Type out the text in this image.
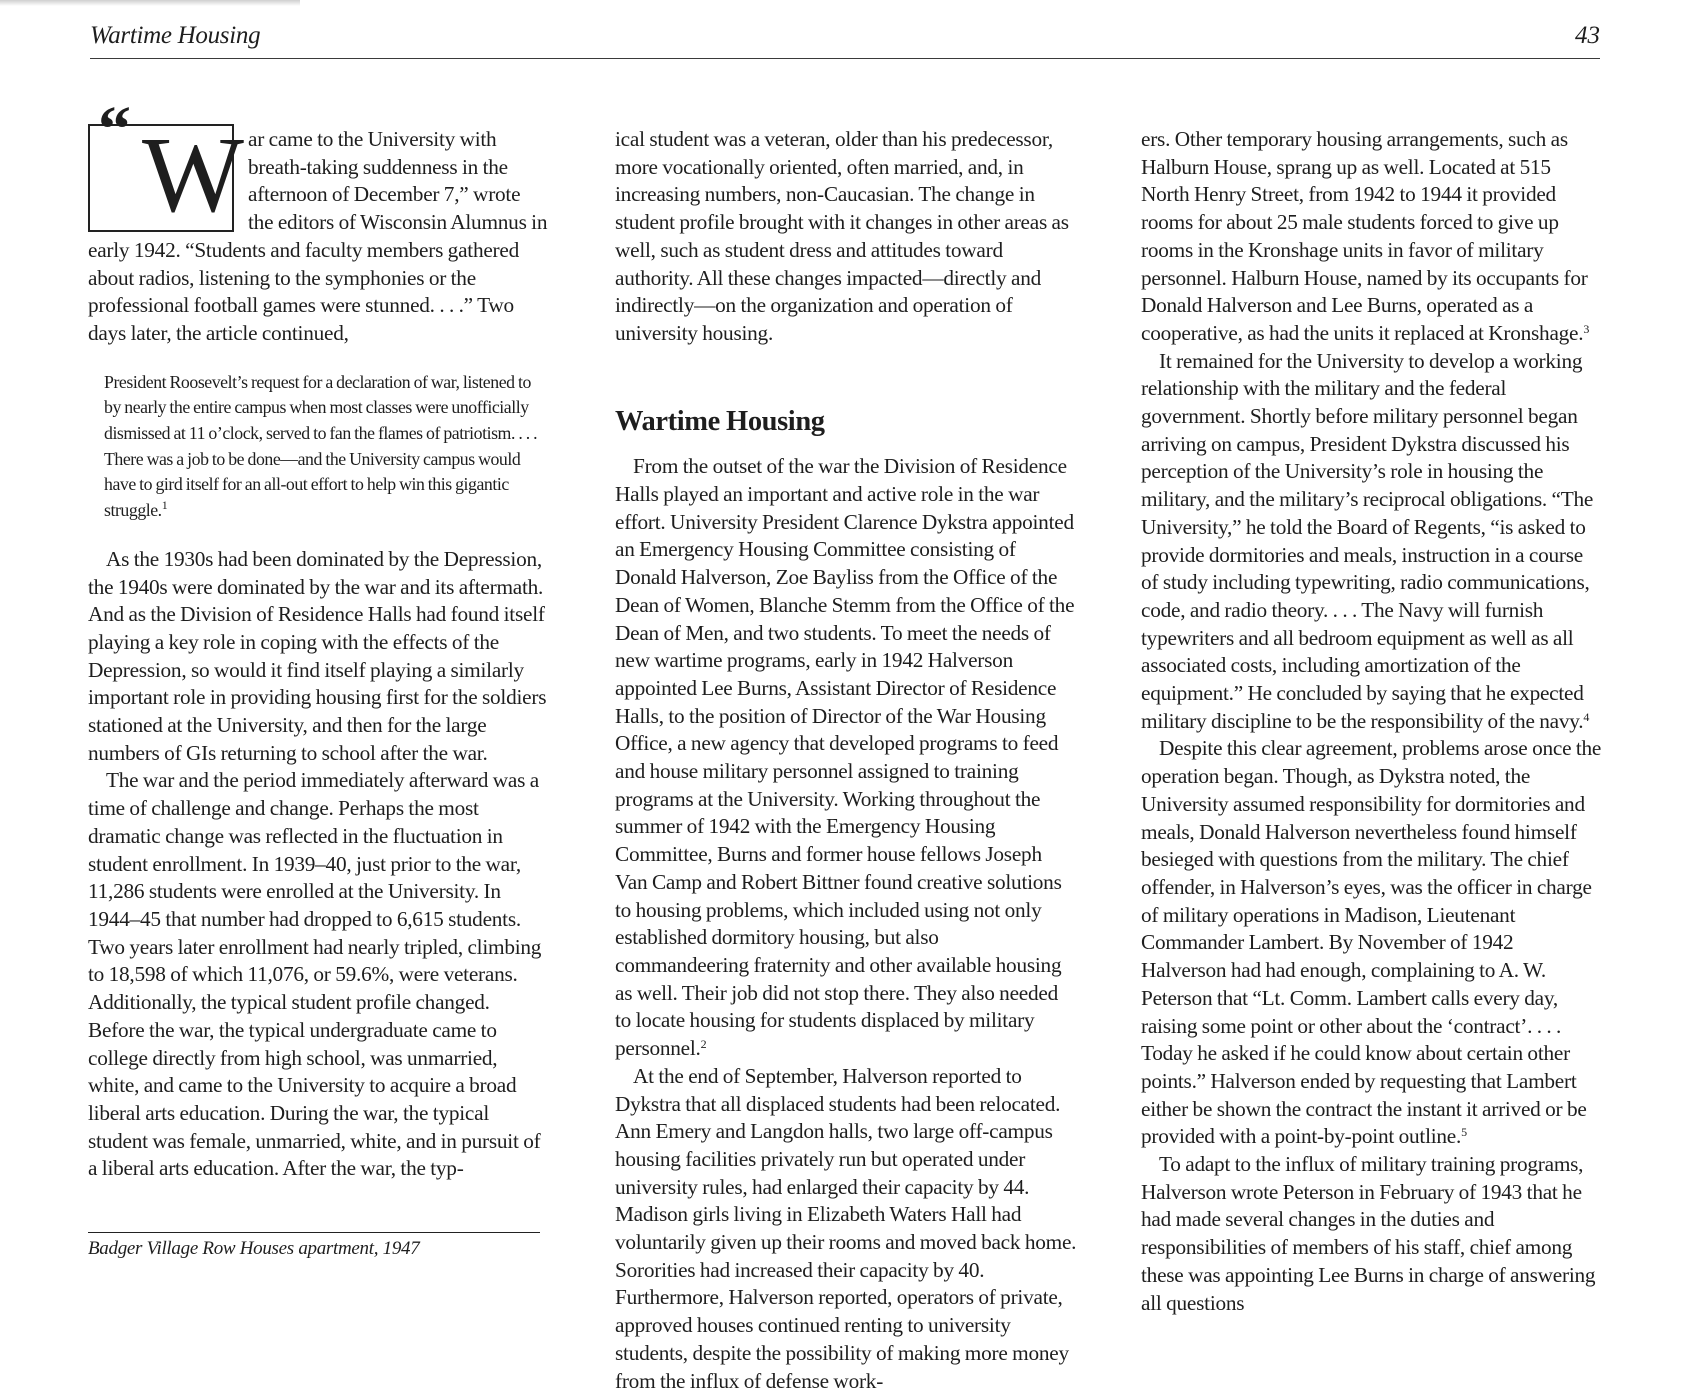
Wartime Housing	43
“ W ar came to the University with breath-taking suddenness in the afternoon of December 7,” wrote the editors of Wisconsin Alumnus in early 1942. “Students and faculty members gathered about radios, listening to the symphonies or the professional football games were stunned. . . .” Two days later, the article continued,

President Roosevelt’s request for a declaration of war, listened to by nearly the entire campus when most classes were unofficially dismissed at 11 o’clock, served to fan the flames of patriotism. . . . There was a job to be done—and the University campus would have to gird itself for an all-out effort to help win this gigantic struggle.$^1$

As the 1930s had been dominated by the Depression, the 1940s were dominated by the war and its aftermath. And as the Division of Residence Halls had found itself playing a key role in coping with the effects of the Depression, so would it find itself playing a similarly important role in providing housing first for the soldiers stationed at the University, and then for the large numbers of GIs returning to school after the war.

The war and the period immediately afterward was a time of challenge and change. Perhaps the most dramatic change was reflected in the fluctuation in student enrollment. In 1939–40, just prior to the war, 11,286 students were enrolled at the University. In 1944–45 that number had dropped to 6,615 students. Two years later enrollment had nearly tripled, climbing to 18,598 of which 11,076, or 59.6%, were veterans. Additionally, the typical student profile changed. Before the war, the typical undergraduate came to college directly from high school, was unmarried, white, and came to the University to acquire a broad liberal arts education. During the war, the typical student was female, unmarried, white, and in pursuit of a liberal arts education. After the war, the typ-

Badger Village Row Houses apartment, 1947

ical student was a veteran, older than his predecessor, more vocationally oriented, often married, and, in increasing numbers, non-Caucasian. The change in student profile brought with it changes in other areas as well, such as student dress and attitudes toward authority. All these changes impacted—directly and indirectly—on the organization and operation of university housing.

Wartime Housing

From the outset of the war the Division of Residence Halls played an important and active role in the war effort. University President Clarence Dykstra appointed an Emergency Housing Committee consisting of Donald Halverson, Zoe Bayliss from the Office of the Dean of Women, Blanche Stemm from the Office of the Dean of Men, and two students. To meet the needs of new wartime programs, early in 1942 Halverson appointed Lee Burns, Assistant Director of Residence Halls, to the position of Director of the War Housing Office, a new agency that developed programs to feed and house military personnel assigned to training programs at the University. Working throughout the summer of 1942 with the Emergency Housing Committee, Burns and former house fellows Joseph Van Camp and Robert Bittner found creative solutions to housing problems, which included using not only established dormitory housing, but also commandeering fraternity and other available housing as well. Their job did not stop there. They also needed to locate housing for students displaced by military personnel.$^2$

At the end of September, Halverson reported to Dykstra that all displaced students had been relocated. Ann Emery and Langdon halls, two large off-campus housing facilities privately run but operated under university rules, had enlarged their capacity by 44. Madison girls living in Elizabeth Waters Hall had voluntarily given up their rooms and moved back home. Sororities had increased their capacity by 40. Furthermore, Halverson reported, operators of private, approved houses continued renting to university students, despite the possibility of making more money from the influx of defense work-

ers. Other temporary housing arrangements, such as Halburn House, sprang up as well. Located at 515 North Henry Street, from 1942 to 1944 it provided rooms for about 25 male students forced to give up rooms in the Kronshage units in favor of military personnel. Halburn House, named by its occupants for Donald Halverson and Lee Burns, operated as a cooperative, as had the units it replaced at Kronshage.$^3$

It remained for the University to develop a working relationship with the military and the federal government. Shortly before military personnel began arriving on campus, President Dykstra discussed his perception of the University’s role in housing the military, and the military’s reciprocal obligations. “The University,” he told the Board of Regents, “is asked to provide dormitories and meals, instruction in a course of study including typewriting, radio communications, code, and radio theory. . . . The Navy will furnish typewriters and all bedroom equipment as well as all associated costs, including amortization of the equipment.” He concluded by saying that he expected military discipline to be the responsibility of the navy.$^4$

Despite this clear agreement, problems arose once the operation began. Though, as Dykstra noted, the University assumed responsibility for dormitories and meals, Donald Halverson nevertheless found himself besieged with questions from the military. The chief offender, in Halverson’s eyes, was the officer in charge of military operations in Madison, Lieutenant Commander Lambert. By November of 1942 Halverson had had enough, complaining to A. W. Peterson that “Lt. Comm. Lambert calls every day, raising some point or other about the ‘contract’. . . . Today he asked if he could know about certain other points.” Halverson ended by requesting that Lambert either be shown the contract the instant it arrived or be provided with a point-by-point outline.$^5$

To adapt to the influx of military training programs, Halverson wrote Peterson in February of 1943 that he had made several changes in the duties and responsibilities of members of his staff, chief among these was appointing Lee Burns in charge of answering all questions
